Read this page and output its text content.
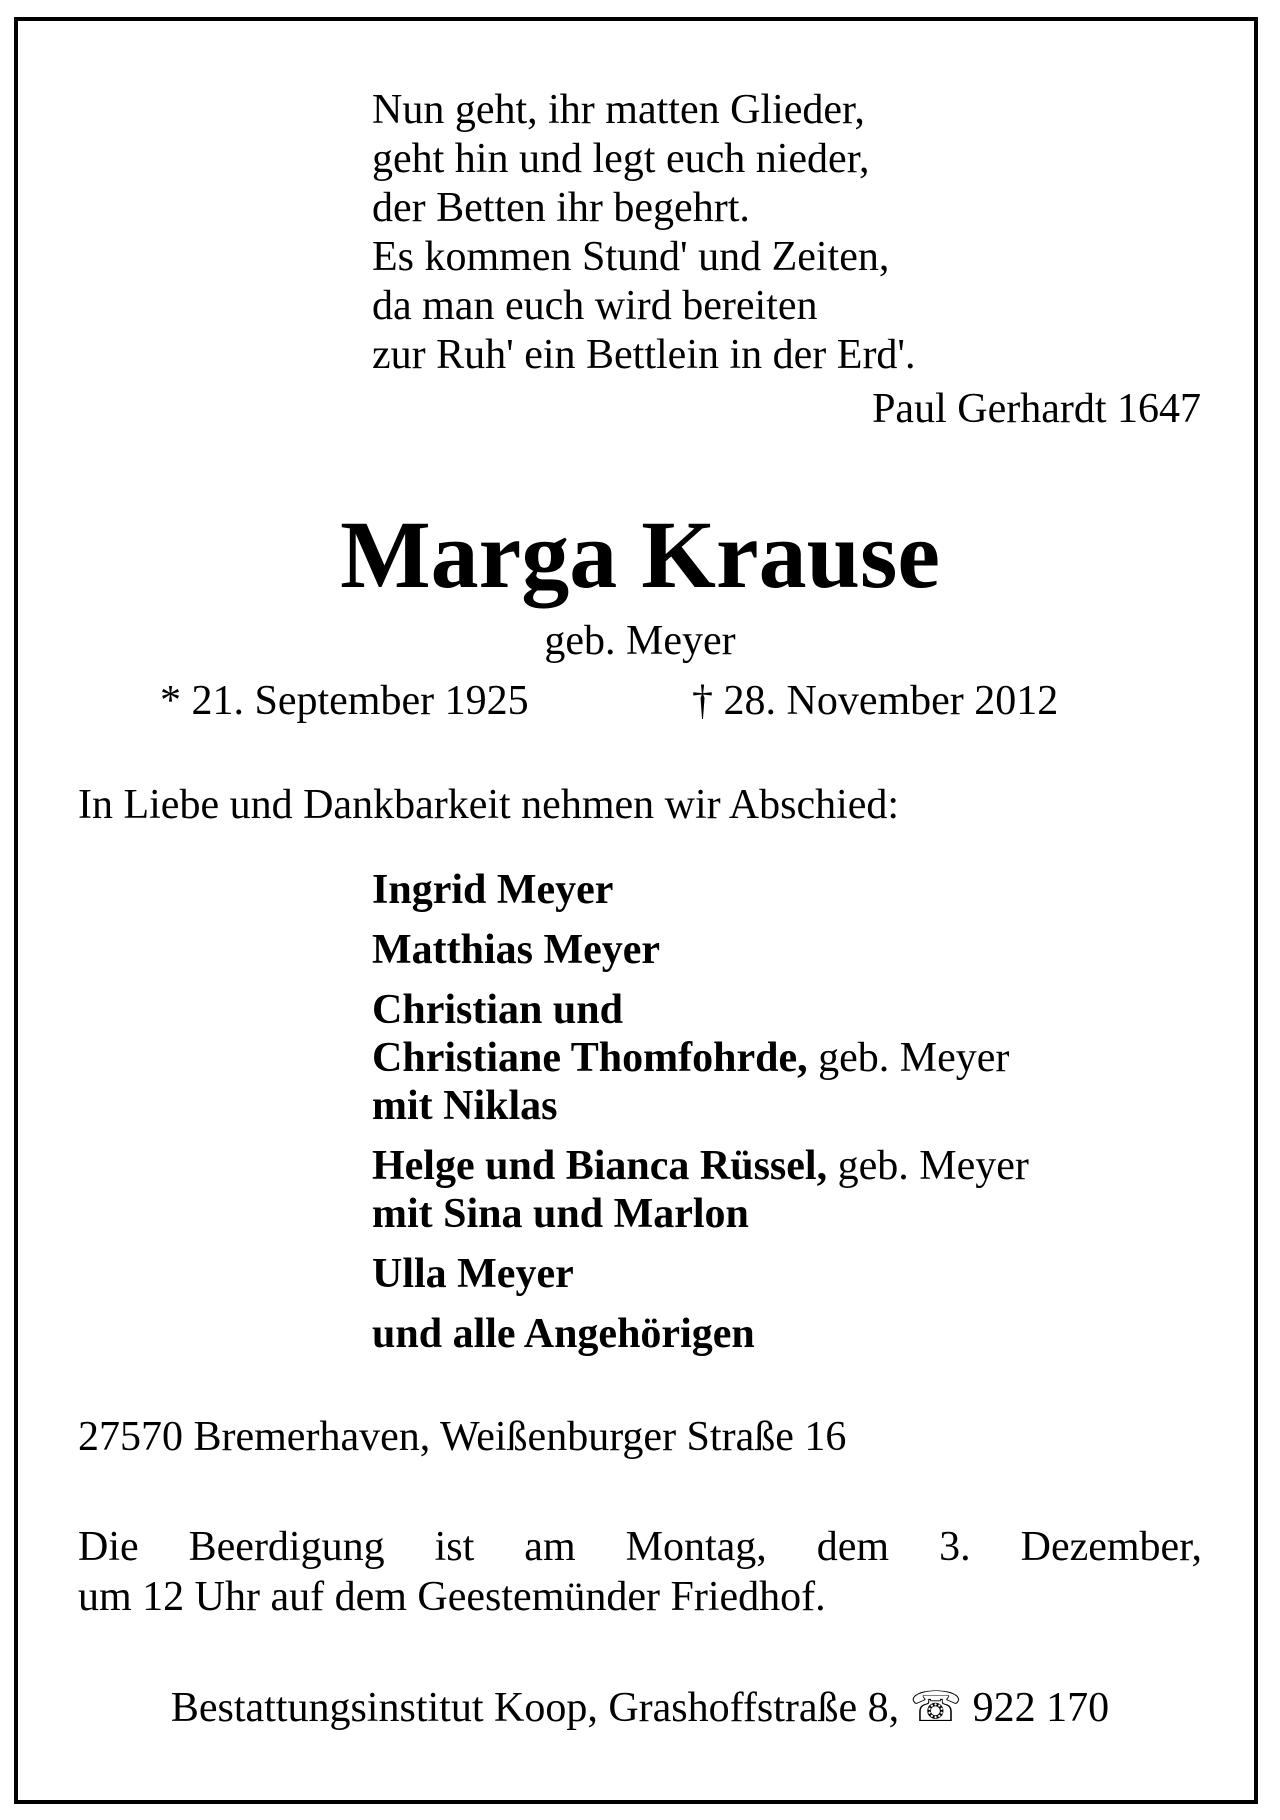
Nun geht, ihr matten Glieder,
geht hin und legt euch nieder,
der Betten ihr begehrt.
Es kommen Stund' und Zeiten,
da man euch wird bereiten
zur Ruh' ein Bettlein in der Erd'.
Paul Gerhardt 1647
Marga Krause
geb. Meyer
* 21. September 1925	† 28. November 2012
In Liebe und Dankbarkeit nehmen wir Abschied:
Ingrid Meyer
Matthias Meyer
Christian und
Christiane Thomfohrde, geb. Meyer
mit Niklas
Helge und Bianca Rüssel, geb. Meyer
mit Sina und Marlon
Ulla Meyer
und alle Angehörigen
27570 Bremerhaven, Weißenburger Straße 16
Die Beerdigung ist am Montag, dem 3. Dezember,
um 12 Uhr auf dem Geestemünder Friedhof.
Bestattungsinstitut Koop, Grashoffstraße 8, ☏ 922 170
